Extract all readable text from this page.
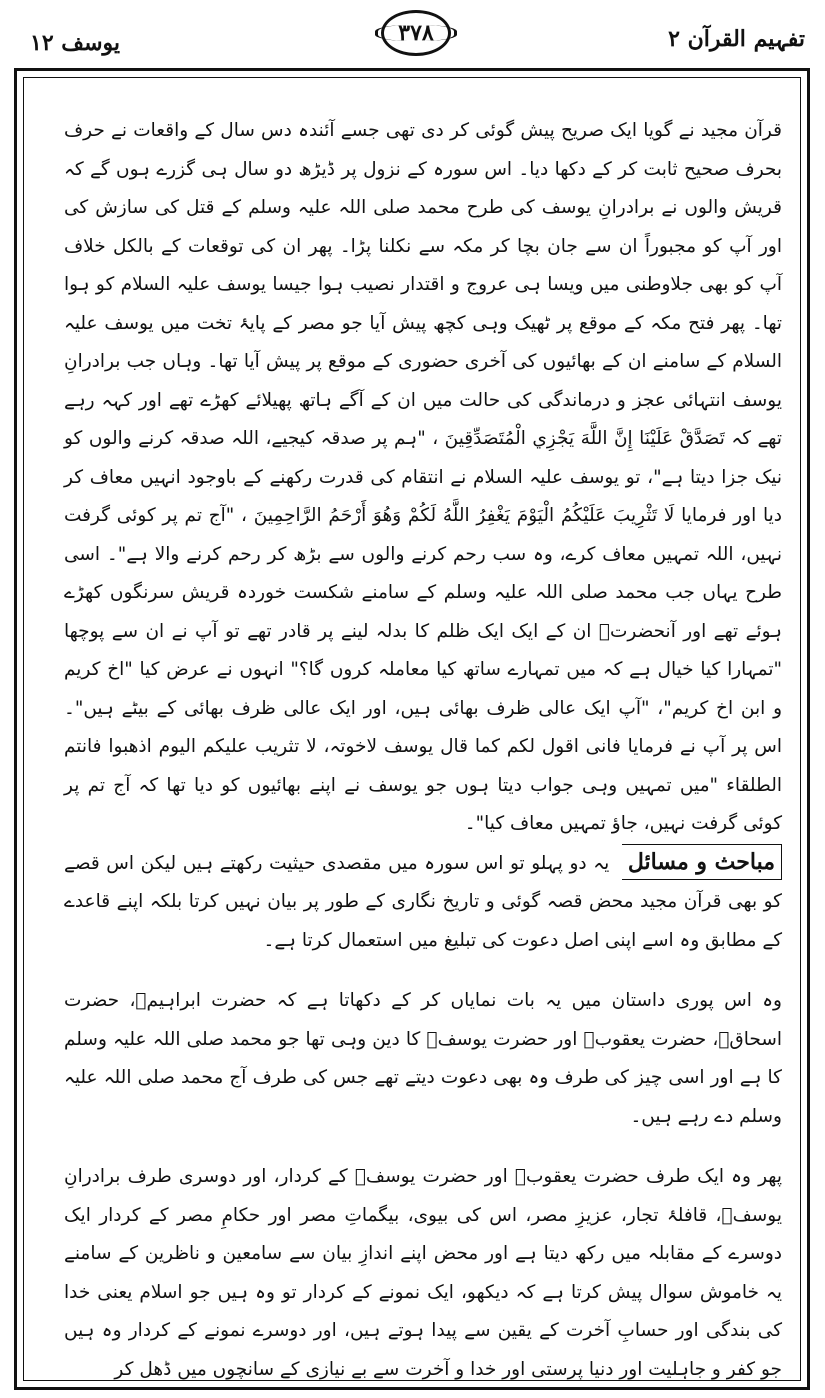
یوسف ۱۲	۳۷۸	تفہیم القرآن ۲

قرآن مجید نے گویا ایک صریح پیش گوئی کر دی تھی جسے آئندہ دس سال کے واقعات نے حرف بحرف صحیح ثابت کر کے دکھا دیا۔ اس سورہ کے نزول پر ڈیڑھ دو سال ہی گزرے ہوں گے کہ قریش والوں نے برادرانِ یوسف کی طرح محمد صلی اللہ علیہ وسلم کے قتل کی سازش کی اور آپ کو مجبوراً ان سے جان بچا کر مکہ سے نکلنا پڑا۔ پھر ان کی توقعات کے بالکل خلاف آپ کو بھی جلاوطنی میں ویسا ہی عروج و اقتدار نصیب ہوا جیسا یوسف علیہ السلام کو ہوا تھا۔ پھر فتح مکہ کے موقع پر ٹھیک وہی کچھ پیش آیا جو مصر کے پایۂ تخت میں یوسف علیہ السلام کے سامنے ان کے بھائیوں کی آخری حضوری کے موقع پر پیش آیا تھا۔ وہاں جب برادرانِ یوسف انتہائی عجز و درماندگی کی حالت میں ان کے آگے ہاتھ پھیلائے کھڑے تھے اور کہہ رہے تھے کہ تَصَدَّقْ عَلَيْنَا إِنَّ اللَّهَ يَجْزِي الْمُتَصَدِّقِينَ ، "ہم پر صدقہ کیجیے، اللہ صدقہ کرنے والوں کو نیک جزا دیتا ہے"، تو یوسف علیہ السلام نے انتقام کی قدرت رکھنے کے باوجود انہیں معاف کر دیا اور فرمایا لَا تَثْرِيبَ عَلَيْكُمُ الْيَوْمَ يَغْفِرُ اللَّهُ لَكُمْ وَهُوَ أَرْحَمُ الرَّاحِمِينَ ، "آج تم پر کوئی گرفت نہیں، اللہ تمہیں معاف کرے، وہ سب رحم کرنے والوں سے بڑھ کر رحم کرنے والا ہے"۔ اسی طرح یہاں جب محمد صلی اللہ علیہ وسلم کے سامنے شکست خوردہ قریش سرنگوں کھڑے ہوئے تھے اور آنحضرتؐ ان کے ایک ایک ظلم کا بدلہ لینے پر قادر تھے تو آپ نے ان سے پوچھا "تمہارا کیا خیال ہے کہ میں تمہارے ساتھ کیا معاملہ کروں گا؟" انہوں نے عرض کیا "اخ کریم و ابن اخ کریم"، "آپ ایک عالی ظرف بھائی ہیں، اور ایک عالی ظرف بھائی کے بیٹے ہیں"۔ اس پر آپ نے فرمایا فانی اقول لکم کما قال یوسف لاخوتہ، لا تثریب علیکم الیوم اذھبوا فانتم الطلقاء "میں تمہیں وہی جواب دیتا ہوں جو یوسف نے اپنے بھائیوں کو دیا تھا کہ آج تم پر کوئی گرفت نہیں، جاؤ تمہیں معاف کیا"۔

مباحث و مسائل یہ دو پہلو تو اس سورہ میں مقصدی حیثیت رکھتے ہیں لیکن اس قصے کو بھی قرآن مجید محض قصہ گوئی و تاریخ نگاری کے طور پر بیان نہیں کرتا بلکہ اپنے قاعدے کے مطابق وہ اسے اپنی اصل دعوت کی تبلیغ میں استعمال کرتا ہے۔

وہ اس پوری داستان میں یہ بات نمایاں کر کے دکھاتا ہے کہ حضرت ابراہیمؑ، حضرت اسحاقؑ، حضرت یعقوبؑ اور حضرت یوسفؑ کا دین وہی تھا جو محمد صلی اللہ علیہ وسلم کا ہے اور اسی چیز کی طرف وہ بھی دعوت دیتے تھے جس کی طرف آج محمد صلی اللہ علیہ وسلم دے رہے ہیں۔

پھر وہ ایک طرف حضرت یعقوبؑ اور حضرت یوسفؑ کے کردار، اور دوسری طرف برادرانِ یوسفؑ، قافلۂ تجار، عزیزِ مصر، اس کی بیوی، بیگماتِ مصر اور حکامِ مصر کے کردار ایک دوسرے کے مقابلہ میں رکھ دیتا ہے اور محض اپنے اندازِ بیان سے سامعین و ناظرین کے سامنے یہ خاموش سوال پیش کرتا ہے کہ دیکھو، ایک نمونے کے کردار تو وہ ہیں جو اسلام یعنی خدا کی بندگی اور حسابِ آخرت کے یقین سے پیدا ہوتے ہیں، اور دوسرے نمونے کے کردار وہ ہیں جو کفر و جاہلیت اور دنیا پرستی اور خدا و آخرت سے بے نیازی کے سانچوں میں ڈھل کر
